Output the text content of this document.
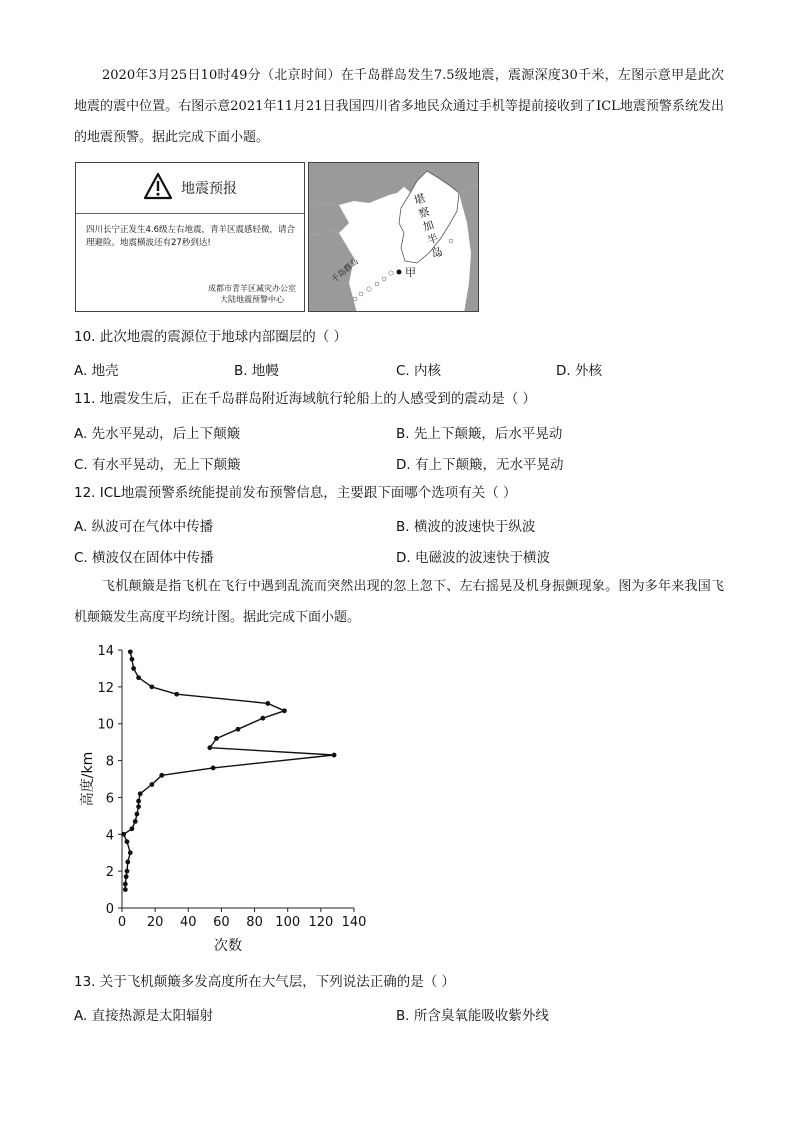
2020年3月25日10时49分（北京时间）在千岛群岛发生7.5级地震，震源深度30千米，左图示意甲是此次地震的震中位置。右图示意2021年11月21日我国四川省多地民众通过手机等提前接收到了ICL地震预警系统发出的地震预警。据此完成下面小题。
地震预报
四川长宁正发生4.6级左右地震，青羊区震感轻微，请合理避险。地震横波还有27秒到达!
成都市青羊区减灾办公室
大陆地震预警中心
堪察加半岛
千岛群岛	甲
10. 此次地震的震源位于地球内部圈层的（ ）
A. 地壳	B. 地幔	C. 内核	D. 外核
11. 地震发生后，正在千岛群岛附近海域航行轮船上的人感受到的震动是（ ）
A. 先水平晃动，后上下颠簸	B. 先上下颠簸，后水平晃动
C. 有水平晃动，无上下颠簸	D. 有上下颠簸，无水平晃动
12. ICL地震预警系统能提前发布预警信息，主要跟下面哪个选项有关（ ）
A. 纵波可在气体中传播	B. 横波的波速快于纵波
C. 横波仅在固体中传播	D. 电磁波的波速快于横波
飞机颠簸是指飞机在飞行中遇到乱流而突然出现的忽上忽下、左右摇晃及机身振颤现象。图为多年来我国飞机颠簸发生高度平均统计图。据此完成下面小题。
0 20 40 60 80 100 120 140
0
2
4
6
8
10
12
14
次数
高度/km
13. 关于飞机颠簸多发高度所在大气层，下列说法正确的是（ ）
A. 直接热源是太阳辐射	B. 所含臭氧能吸收紫外线
